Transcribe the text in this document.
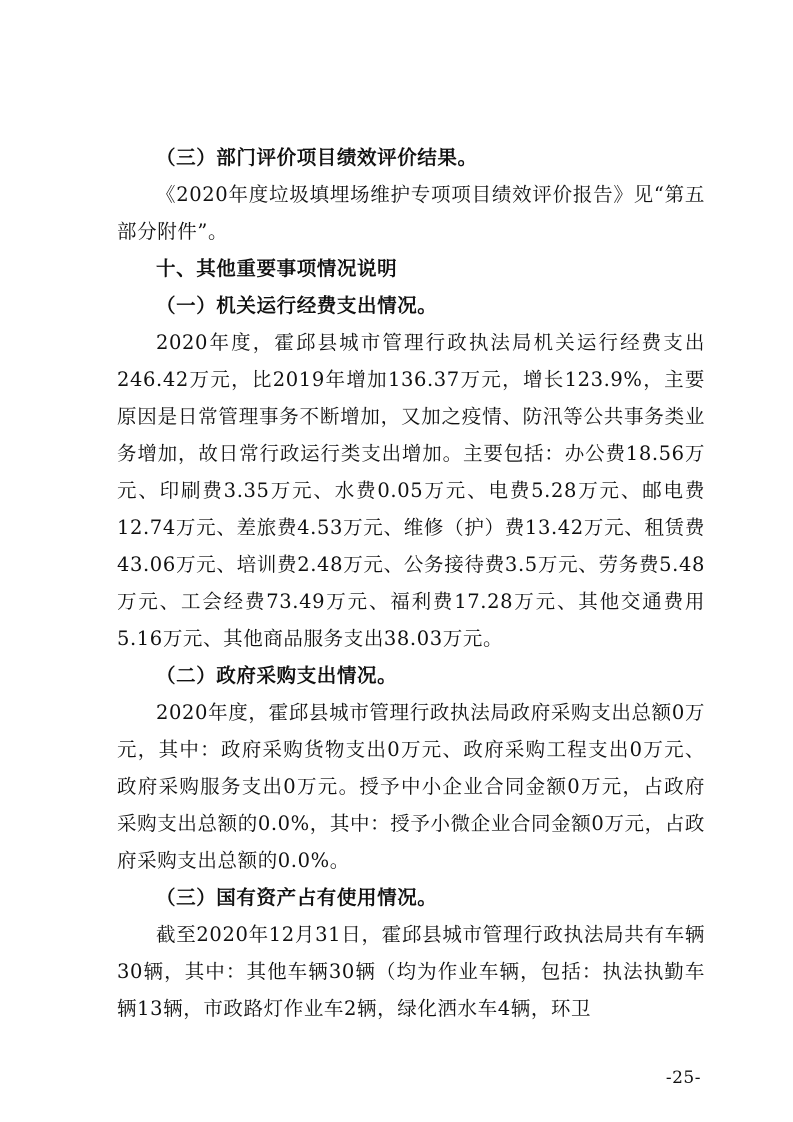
（三）部门评价项目绩效评价结果。

《2020年度垃圾填埋场维护专项项目绩效评价报告》见“第五部分附件”。

十、其他重要事项情况说明

（一）机关运行经费支出情况。

2020年度，霍邱县城市管理行政执法局机关运行经费支出246.42万元，比2019年增加136.37万元，增长123.9%，主要原因是日常管理事务不断增加，又加之疫情、防汛等公共事务类业务增加，故日常行政运行类支出增加。主要包括：办公费18.56万元、印刷费3.35万元、水费0.05万元、电费5.28万元、邮电费12.74万元、差旅费4.53万元、维修（护）费13.42万元、租赁费43.06万元、培训费2.48万元、公务接待费3.5万元、劳务费5.48万元、工会经费73.49万元、福利费17.28万元、其他交通费用5.16万元、其他商品服务支出38.03万元。

（二）政府采购支出情况。

2020年度，霍邱县城市管理行政执法局政府采购支出总额0万元，其中：政府采购货物支出0万元、政府采购工程支出0万元、政府采购服务支出0万元。授予中小企业合同金额0万元，占政府采购支出总额的0.0%，其中：授予小微企业合同金额0万元，占政府采购支出总额的0.0%。

（三）国有资产占有使用情况。

截至2020年12月31日，霍邱县城市管理行政执法局共有车辆30辆，其中：其他车辆30辆（均为作业车辆，包括：执法执勤车辆13辆，市政路灯作业车2辆，绿化洒水车4辆，环卫

-25-
